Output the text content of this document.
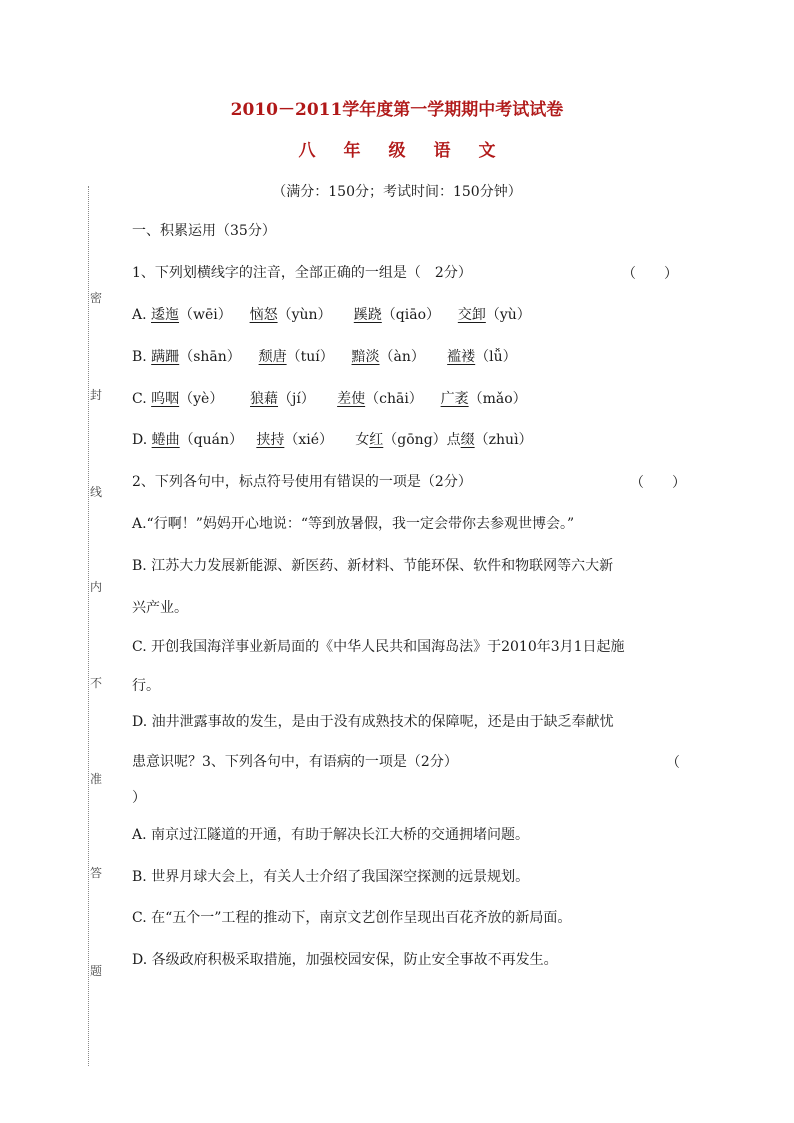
2010－2011学年度第一学期期中考试试卷
八 年 级 语 文
（满分：150分；考试时间：150分钟）
密
封
线
内
不
准
答
题
一、积累运用（35分）
1、下列划横线字的注音，全部正确的一组是（　2分）	（　　）
A. 逶迤（wēi） 恼怒（yùn） 蹊跷（qiāo） 交卸（yù）
B. 蹒跚（shān） 颓唐（tuí） 黯淡（àn） 褴褛（lǚ）
C. 呜咽（yè） 狼藉（jí） 差使（chāi） 广袤（mǎo）
D. 蜷曲（quán） 挟持（xié） 女红（gōng）点缀（zhuì）
2、下列各句中，标点符号使用有错误的一项是（2分）	（　　）
A.“行啊！”妈妈开心地说：“等到放暑假，我一定会带你去参观世博会。”
B. 江苏大力发展新能源、新医药、新材料、节能环保、软件和物联网等六大新
兴产业。
C. 开创我国海洋事业新局面的《中华人民共和国海岛法》于2010年3月1日起施
行。
D. 油井泄露事故的发生，是由于没有成熟技术的保障呢，还是由于缺乏奉献忧
患意识呢？3、下列各句中，有语病的一项是（2分）	（
）
A. 南京过江隧道的开通，有助于解决长江大桥的交通拥堵问题。
B. 世界月球大会上，有关人士介绍了我国深空探测的远景规划。
C. 在“五个一”工程的推动下，南京文艺创作呈现出百花齐放的新局面。
D. 各级政府积极采取措施，加强校园安保，防止安全事故不再发生。
